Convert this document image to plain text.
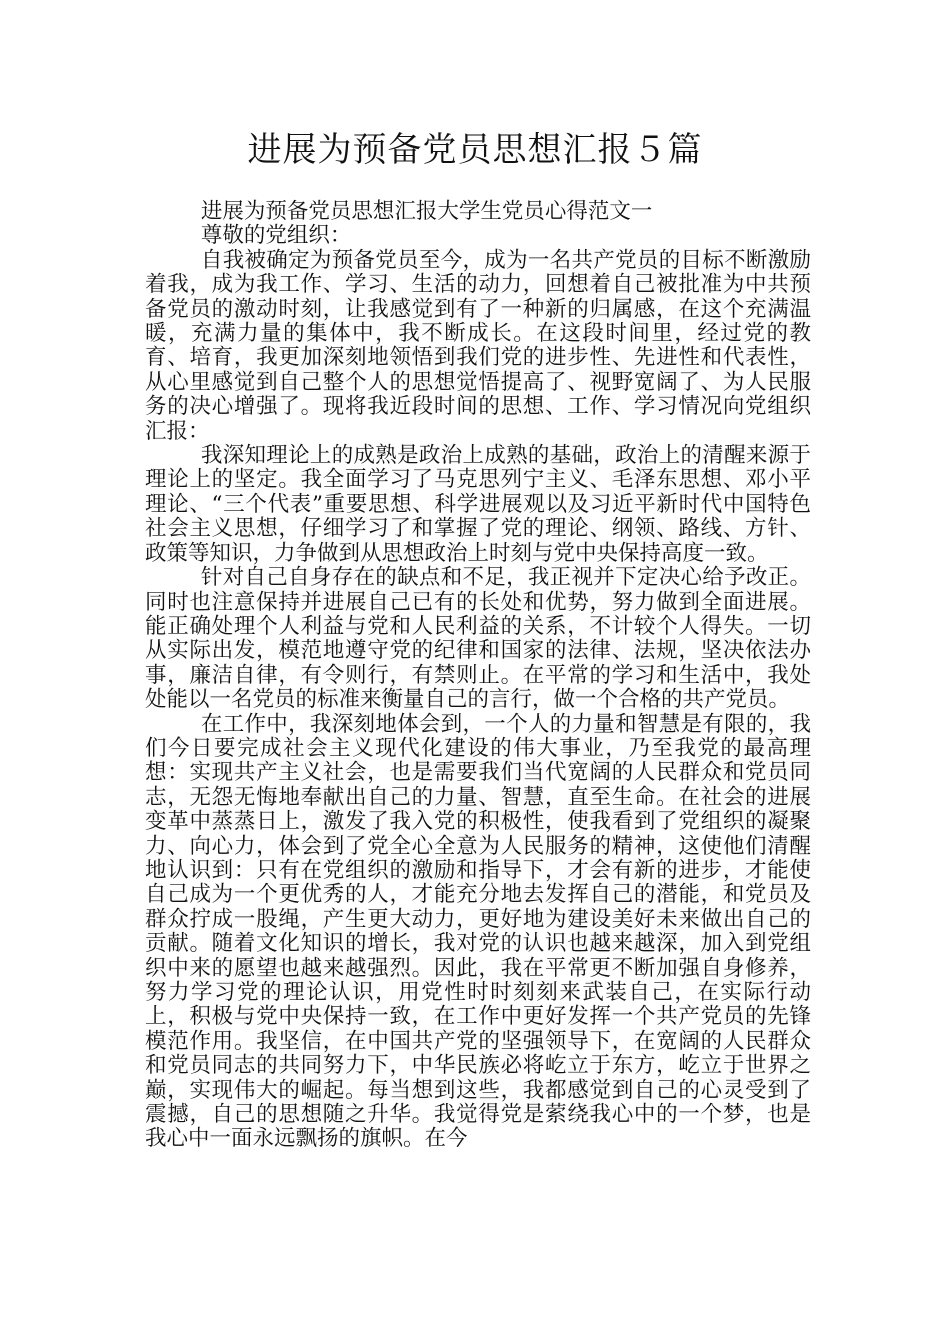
进展为预备党员思想汇报５篇

进展为预备党员思想汇报大学生党员心得范文一

尊敬的党组织：

自我被确定为预备党员至今，成为一名共产党员的目标不断激励着我，成为我工作、学习、生活的动力，回想着自己被批准为中共预备党员的激动时刻，让我感觉到有了一种新的归属感，在这个充满温暖，充满力量的集体中，我不断成长。在这段时间里，经过党的教育、培育，我更加深刻地领悟到我们党的进步性、先进性和代表性，从心里感觉到自己整个人的思想觉悟提高了、视野宽阔了、为人民服务的决心增强了。现将我近段时间的思想、工作、学习情况向党组织汇报：

我深知理论上的成熟是政治上成熟的基础，政治上的清醒来源于理论上的坚定。我全面学习了马克思列宁主义、毛泽东思想、邓小平理论、“三个代表”重要思想、科学进展观以及习近平新时代中国特色社会主义思想，仔细学习了和掌握了党的理论、纲领、路线、方针、政策等知识，力争做到从思想政治上时刻与党中央保持高度一致。

针对自己自身存在的缺点和不足，我正视并下定决心给予改正。同时也注意保持并进展自己已有的长处和优势，努力做到全面进展。能正确处理个人利益与党和人民利益的关系，不计较个人得失。一切从实际出发，模范地遵守党的纪律和国家的法律、法规，坚决依法办事，廉洁自律，有令则行，有禁则止。在平常的学习和生活中，我处处能以一名党员的标准来衡量自己的言行，做一个合格的共产党员。

在工作中，我深刻地体会到，一个人的力量和智慧是有限的，我们今日要完成社会主义现代化建设的伟大事业，乃至我党的最高理想：实现共产主义社会，也是需要我们当代宽阔的人民群众和党员同志，无怨无悔地奉献出自己的力量、智慧，直至生命。在社会的进展变革中蒸蒸日上，激发了我入党的积极性，使我看到了党组织的凝聚力、向心力，体会到了党全心全意为人民服务的精神，这使他们清醒地认识到：只有在党组织的激励和指导下，才会有新的进步，才能使自己成为一个更优秀的人，才能充分地去发挥自己的潜能，和党员及群众拧成一股绳，产生更大动力，更好地为建设美好未来做出自己的贡献。随着文化知识的增长，我对党的认识也越来越深，加入到党组织中来的愿望也越来越强烈。因此，我在平常更不断加强自身修养，努力学习党的理论认识，用党性时时刻刻来武装自己，在实际行动上，积极与党中央保持一致，在工作中更好发挥一个共产党员的先锋模范作用。我坚信，在中国共产党的坚强领导下，在宽阔的人民群众和党员同志的共同努力下，中华民族必将屹立于东方，屹立于世界之巅，实现伟大的崛起。每当想到这些，我都感觉到自己的心灵受到了震撼，自己的思想随之升华。我觉得党是萦绕我心中的一个梦，也是我心中一面永远飘扬的旗帜。在今
